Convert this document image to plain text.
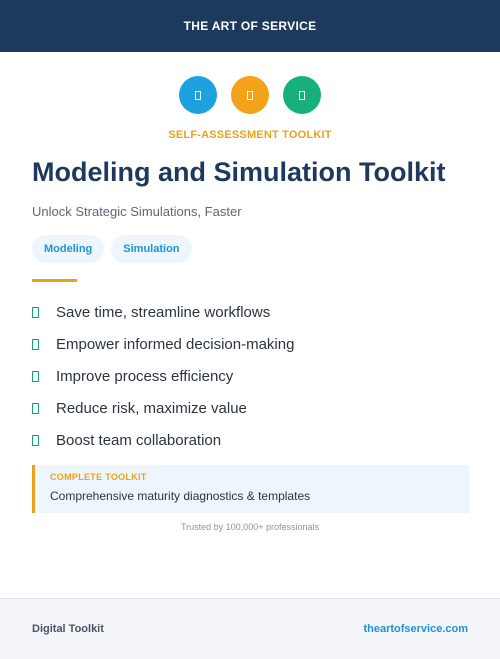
THE ART OF SERVICE
SELF-ASSESSMENT TOOLKIT
Modeling and Simulation Toolkit
Unlock Strategic Simulations, Faster
Modeling	Simulation
Save time, streamline workflows
Empower informed decision-making
Improve process efficiency
Reduce risk, maximize value
Boost team collaboration
COMPLETE TOOLKIT
Comprehensive maturity diagnostics & templates
Trusted by 100,000+ professionals
Digital Toolkit	theartofservice.com
